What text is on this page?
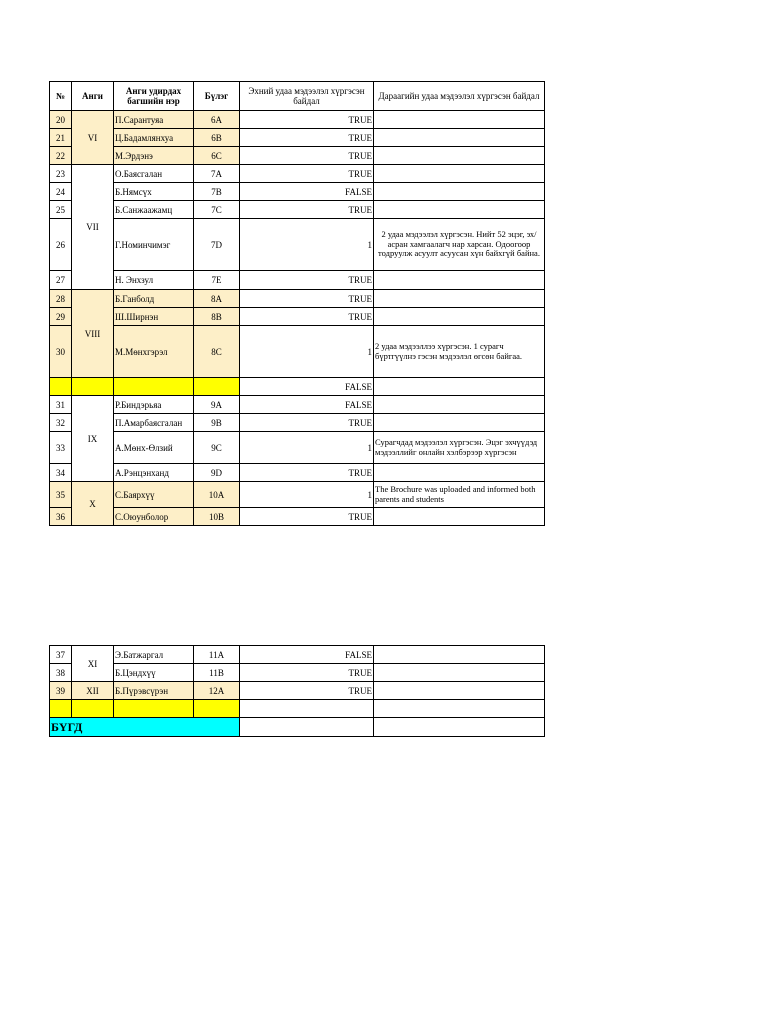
№	Анги	Анги удирдах багшийн нэр	Бүлэг	Эхний удаа мэдээлэл хүргэсэн байдал	Дараагийн удаа мэдээлэл хүргэсэн байдал
20	VI	П.Сарантуяа	6A	TRUE	
21		Ц.Бадамлянхуа	6B	TRUE	
22		М.Эрдэнэ	6C	TRUE	
23	VII	О.Баясгалан	7A	TRUE	
24		Б.Нямсүх	7B	FALSE	
25		Б.Санжаажамц	7C	TRUE	
26		Г.Номинчимэг	7D	1	2 удаа мэдээлэл хүргэсэн. Нийт 52 эцэг, эх/асран хамгаалагч нар харсан. Одоогоор тодруулж асуулт асуусан хүн байхгүй байна.
27		Н. Энхзул	7E	TRUE	
28	VIII	Б.Ганболд	8A	TRUE	
29		Ш.Ширнэн	8B	TRUE	
30		М.Мөнхгэрэл	8C	1	2 удаа мэдээллээ хүргэсэн. 1 сурагч бүртгүүлнэ гэсэн мэдээлэл өгсөн байгаа.
				FALSE	
31	IX	Р.Биндэрьяа	9A	FALSE	
32		П.Амарбаясгалан	9B	TRUE	
33		А.Мөнх-Өлзий	9C	1	Сурагчдад мэдээлэл хүргэсэн. Эцэг эхчүүдэд мэдээллийг онлайн хэлбэрээр хүргэсэн
34		А.Рэнцэнханд	9D	TRUE	
35	X	С.Баярхүү	10A	1	The Brochure was uploaded and informed both parents and students
36		С.Оюунболор	10B	TRUE	
37	XI	Э.Батжаргал	11A	FALSE	
38		Б.Цэндхүү	11B	TRUE	
39	XII	Б.Пүрэвсүрэн	12A	TRUE	

БҮГД					
